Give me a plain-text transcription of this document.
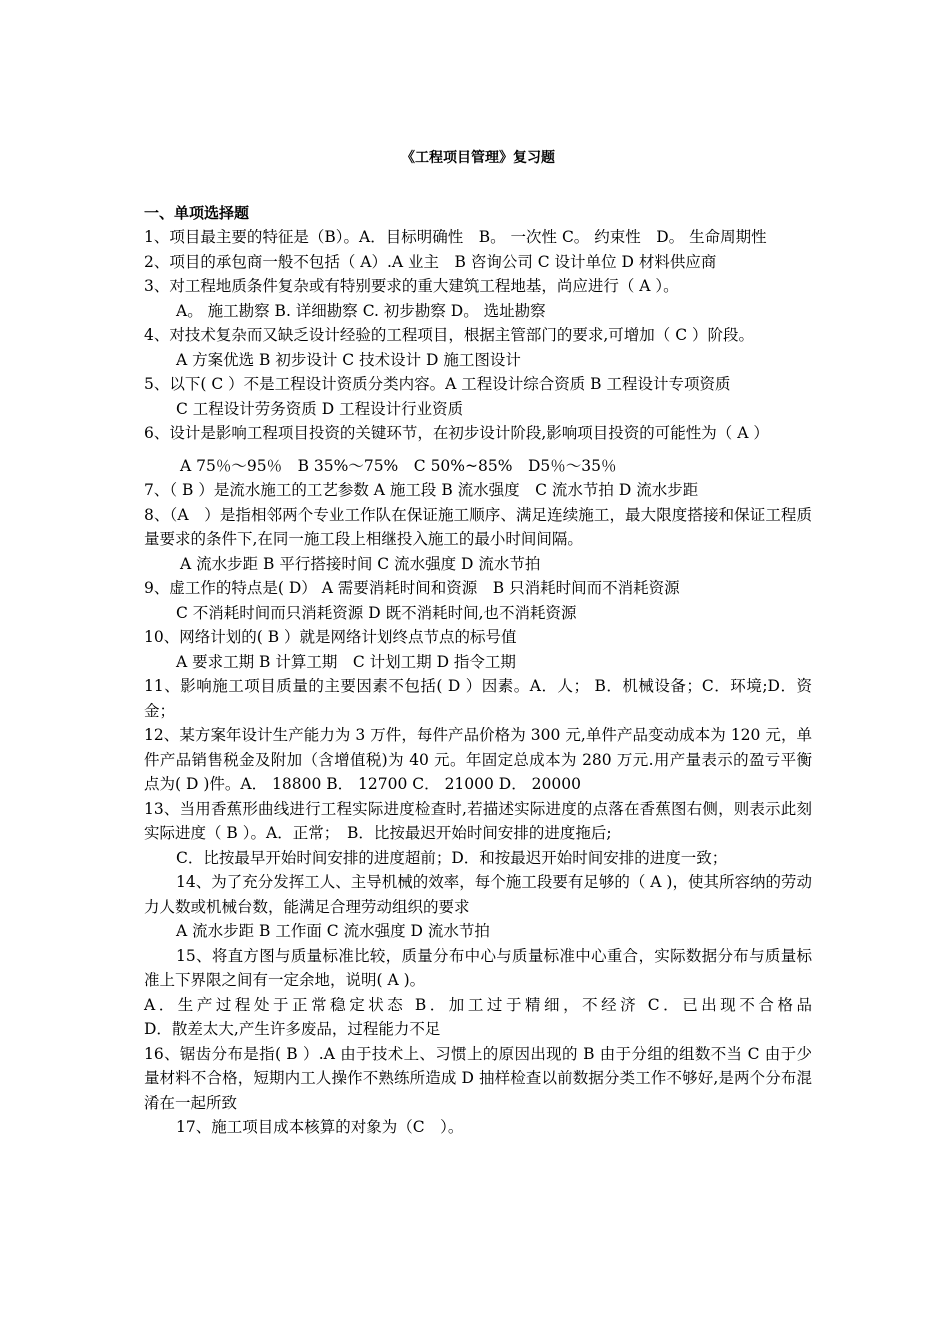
《工程项目管理》复习题

一、单项选择题

1、项目最主要的特征是（B）。A．目标明确性　B。 一次性 C。 约束性　D。 生命周期性

2、项目的承包商一般不包括（ A）.A 业主　B 咨询公司 C 设计单位 D 材料供应商

3、对工程地质条件复杂或有特别要求的重大建筑工程地基，尚应进行（ A ）。

A。 施工勘察 B. 详细勘察 C. 初步勘察 D。 选址勘察

4、对技术复杂而又缺乏设计经验的工程项目，根据主管部门的要求,可增加（ C ）阶段。

A 方案优选 B 初步设计 C 技术设计 D 施工图设计

5、以下( C ）不是工程设计资质分类内容。A 工程设计综合资质 B 工程设计专项资质

C 工程设计劳务资质 D 工程设计行业资质

6、设计是影响工程项目投资的关键环节，在初步设计阶段,影响项目投资的可能性为（ A ）

A 75％～95％　B 35%～75%　C 50%~85%　D5％～35％

7、（ B ）是流水施工的工艺参数 A 施工段 B 流水强度　C 流水节拍 D 流水步距

8、（A　）是指相邻两个专业工作队在保证施工顺序、满足连续施工，最大限度搭接和保证工程质量要求的条件下,在同一施工段上相继投入施工的最小时间间隔。

A 流水步距 B 平行搭接时间 C 流水强度 D 流水节拍

9、虚工作的特点是( D） A 需要消耗时间和资源　B 只消耗时间而不消耗资源

C 不消耗时间而只消耗资源 D 既不消耗时间,也不消耗资源

10、网络计划的( B ）就是网络计划终点节点的标号值

A 要求工期 B 计算工期　C 计划工期 D 指令工期

11、影响施工项目质量的主要因素不包括( D ）因素。A．人； B．机械设备；C．环境;D．资金；

12、某方案年设计生产能力为 3 万件，每件产品价格为 300 元,单件产品变动成本为 120 元，单件产品销售税金及附加（含增值税)为 40 元。年固定总成本为 280 万元.用产量表示的盈亏平衡点为( D )件。A． 18800 B． 12700 C． 21000 D． 20000

13、当用香蕉形曲线进行工程实际进度检查时,若描述实际进度的点落在香蕉图右侧，则表示此刻实际进度（ B ）。A．正常；　B．比按最迟开始时间安排的进度拖后;

C．比按最早开始时间安排的进度超前；D．和按最迟开始时间安排的进度一致；

14、为了充分发挥工人、主导机械的效率，每个施工段要有足够的（ A )，使其所容纳的劳动力人数或机械台数，能满足合理劳动组织的要求

A 流水步距 B 工作面 C 流水强度 D 流水节拍

15、将直方图与质量标准比较，质量分布中心与质量标准中心重合，实际数据分布与质量标准上下界限之间有一定余地，说明( A )。

A．生产过程处于正常稳定状态 B．加工过于精细，不经济 C．已出现不合格品

D．散差太大,产生许多废品，过程能力不足

16、锯齿分布是指( B ）.A 由于技术上、习惯上的原因出现的 B 由于分组的组数不当 C 由于少量材料不合格，短期内工人操作不熟练所造成 D 抽样检查以前数据分类工作不够好,是两个分布混淆在一起所致

17、施工项目成本核算的对象为（C　）。
